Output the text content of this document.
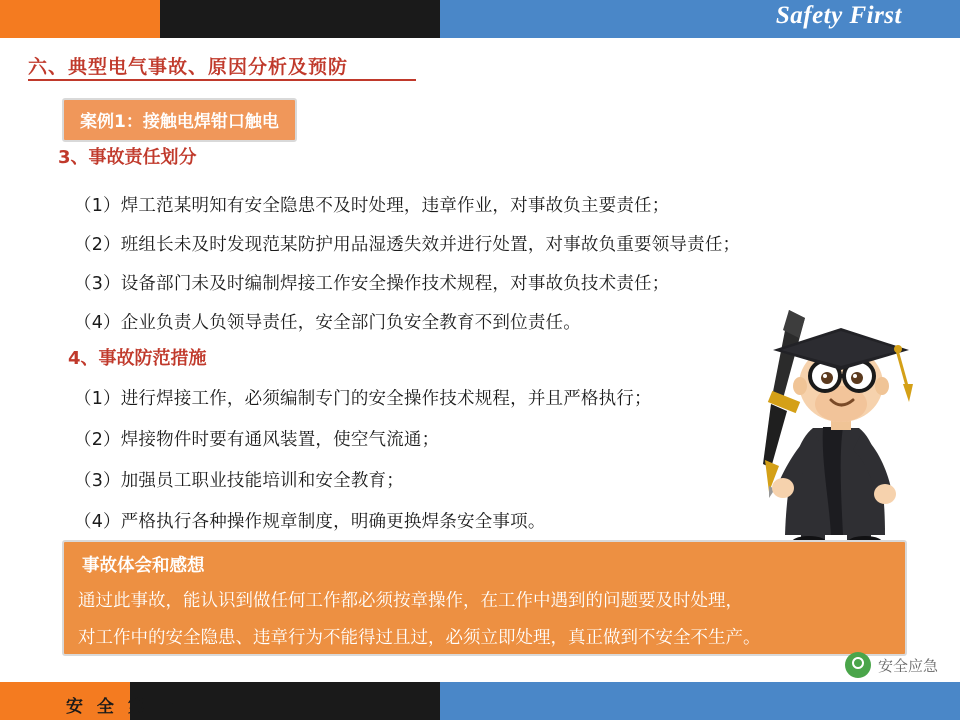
Safety First
六、典型电气事故、原因分析及预防
案例1：接触电焊钳口触电
3、事故责任划分
（1）焊工范某明知有安全隐患不及时处理，违章作业，对事故负主要责任；
（2）班组长未及时发现范某防护用品湿透失效并进行处置，对事故负重要领导责任；
（3）设备部门未及时编制焊接工作安全操作技术规程，对事故负技术责任；
（4）企业负责人负领导责任，安全部门负安全教育不到位责任。
4、事故防范措施
（1）进行焊接工作，必须编制专门的安全操作技术规程，并且严格执行；
（2）焊接物件时要有通风装置，使空气流通；
（3）加强员工职业技能培训和安全教育；
（4）严格执行各种操作规章制度，明确更换焊条安全事项。
事故体会和感想
通过此事故，能认识到做任何工作都必须按章操作，在工作中遇到的问题要及时处理，
对工作中的安全隐患、违章行为不能得过且过，必须立即处理，真正做到不安全不生产。
安全应急
安 全 第 一
